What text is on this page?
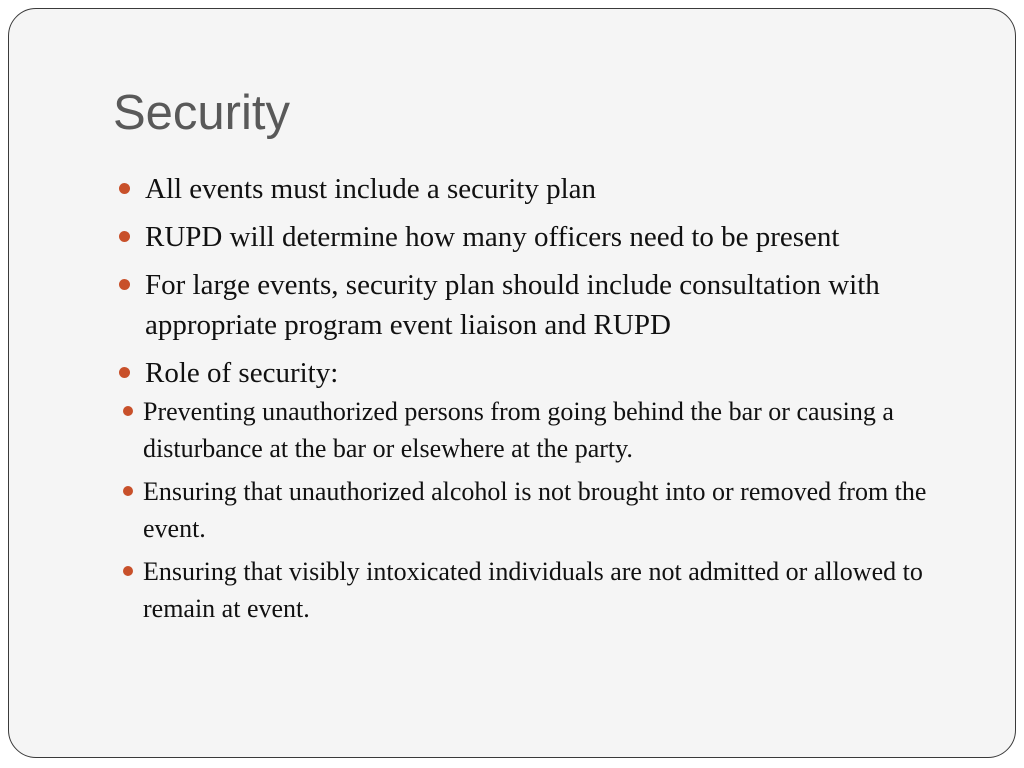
Security
All events must include a security plan
RUPD will determine how many officers need to be present
For large events, security plan should include consultation with appropriate program event liaison and RUPD
Role of security:
Preventing unauthorized persons from going behind the bar or causing a disturbance at the bar or elsewhere at the party.
Ensuring that unauthorized alcohol is not brought into or removed from the event.
Ensuring that visibly intoxicated individuals are not admitted or allowed to remain at event.
